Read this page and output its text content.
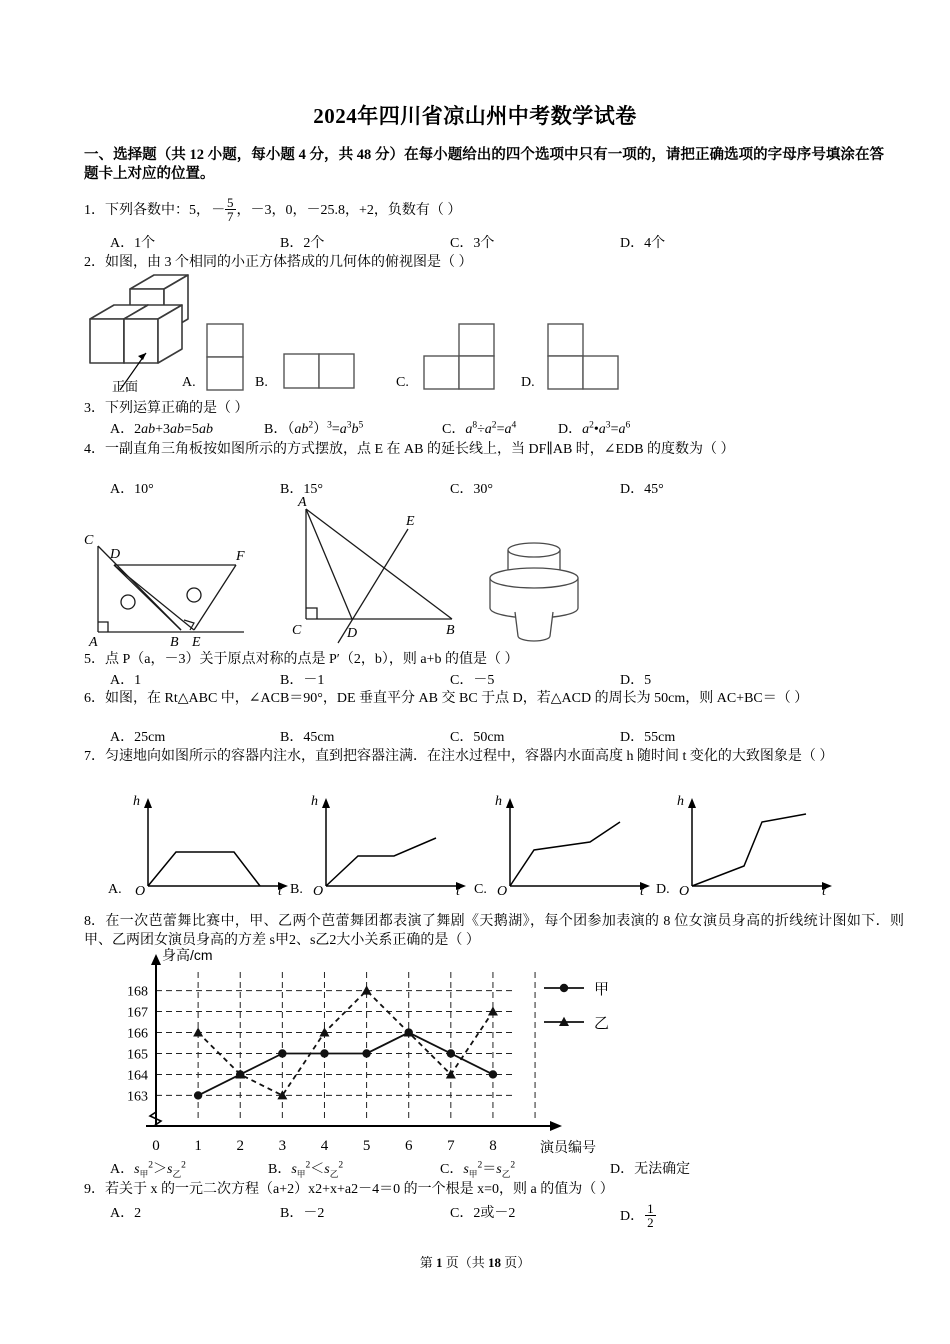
2024年四川省凉山州中考数学试卷
一、选择题（共 12 小题，每小题 4 分，共 48 分）在每小题给出的四个选项中只有一项的，请把正确选项的字母序号填涂在答题卡上对应的位置。
1．下列各数中：5，－ $\frac{5}{7}$ ，－3，0，－25.8，+2，负数有（ ）
A．1个	B．2个	C．3个	D．4个
2．如图，由 3 个相同的小正方体搭成的几何体的俯视图是（ ）
正面	A.	B.	C.	D.
3．下列运算正确的是（ ）
A．2ab+3ab=5ab	B．$(ab^2)^3=a^3b^5$	C．$a^8\div a^2=a^4$	D．$a^2•a^3=a^6$
4．一副直角三角板按如图所示的方式摆放，点 E 在 AB 的延长线上，当 DF∥AB 时，∠EDB 的度数为（ ）
A．10°	B．15°	C．30°	D．45°
C
D	F
A	B E
A
E
C	D	B
5．点 P（a，－3）关于原点对称的点是 P′（2，b），则 a+b 的值是（ ）
A．1	B．－1	C．－5	D．5
6．如图，在 Rt△ABC 中，∠ACB＝90°，DE 垂直平分 AB 交 BC 于点 D，若△ACD 的周长为 50cm，则 AC+BC＝（ ）
A．25cm	B．45cm	C．50cm	D．55cm
7．匀速地向如图所示的容器内注水，直到把容器注满．在注水过程中，容器内水面高度 h 随时间 t 变化的大致图象是（ ）
A.
h
O	t B.
h
O	t C.
h
O	t D.
h
O	t
8．在一次芭蕾舞比赛中，甲、乙两个芭蕾舞团都表演了舞剧《天鹅湖》，每个团参加表演的 8 位女演员身高的折线统计图如下．则甲、乙两团女演员身高的方差 s甲2、s乙2大小关系正确的是（ ）
163
164
165
166
167
168
身高/cm
演员编号
0 1 2 3 4 5 6 7 8
甲
乙
A．$s_甲^2>s_乙^2$	B．$s_甲^2<s_乙^2$	C．$s_甲^2=s_乙^2$	D．无法确定
9．若关于 x 的一元二次方程（a+2）x2+x+a2－4＝0 的一个根是 x=0，则 a 的值为（ ）
A．2	B．－2	C．2或－2	D． $\frac{1}{2}$
第 1 页（共 18 页）
